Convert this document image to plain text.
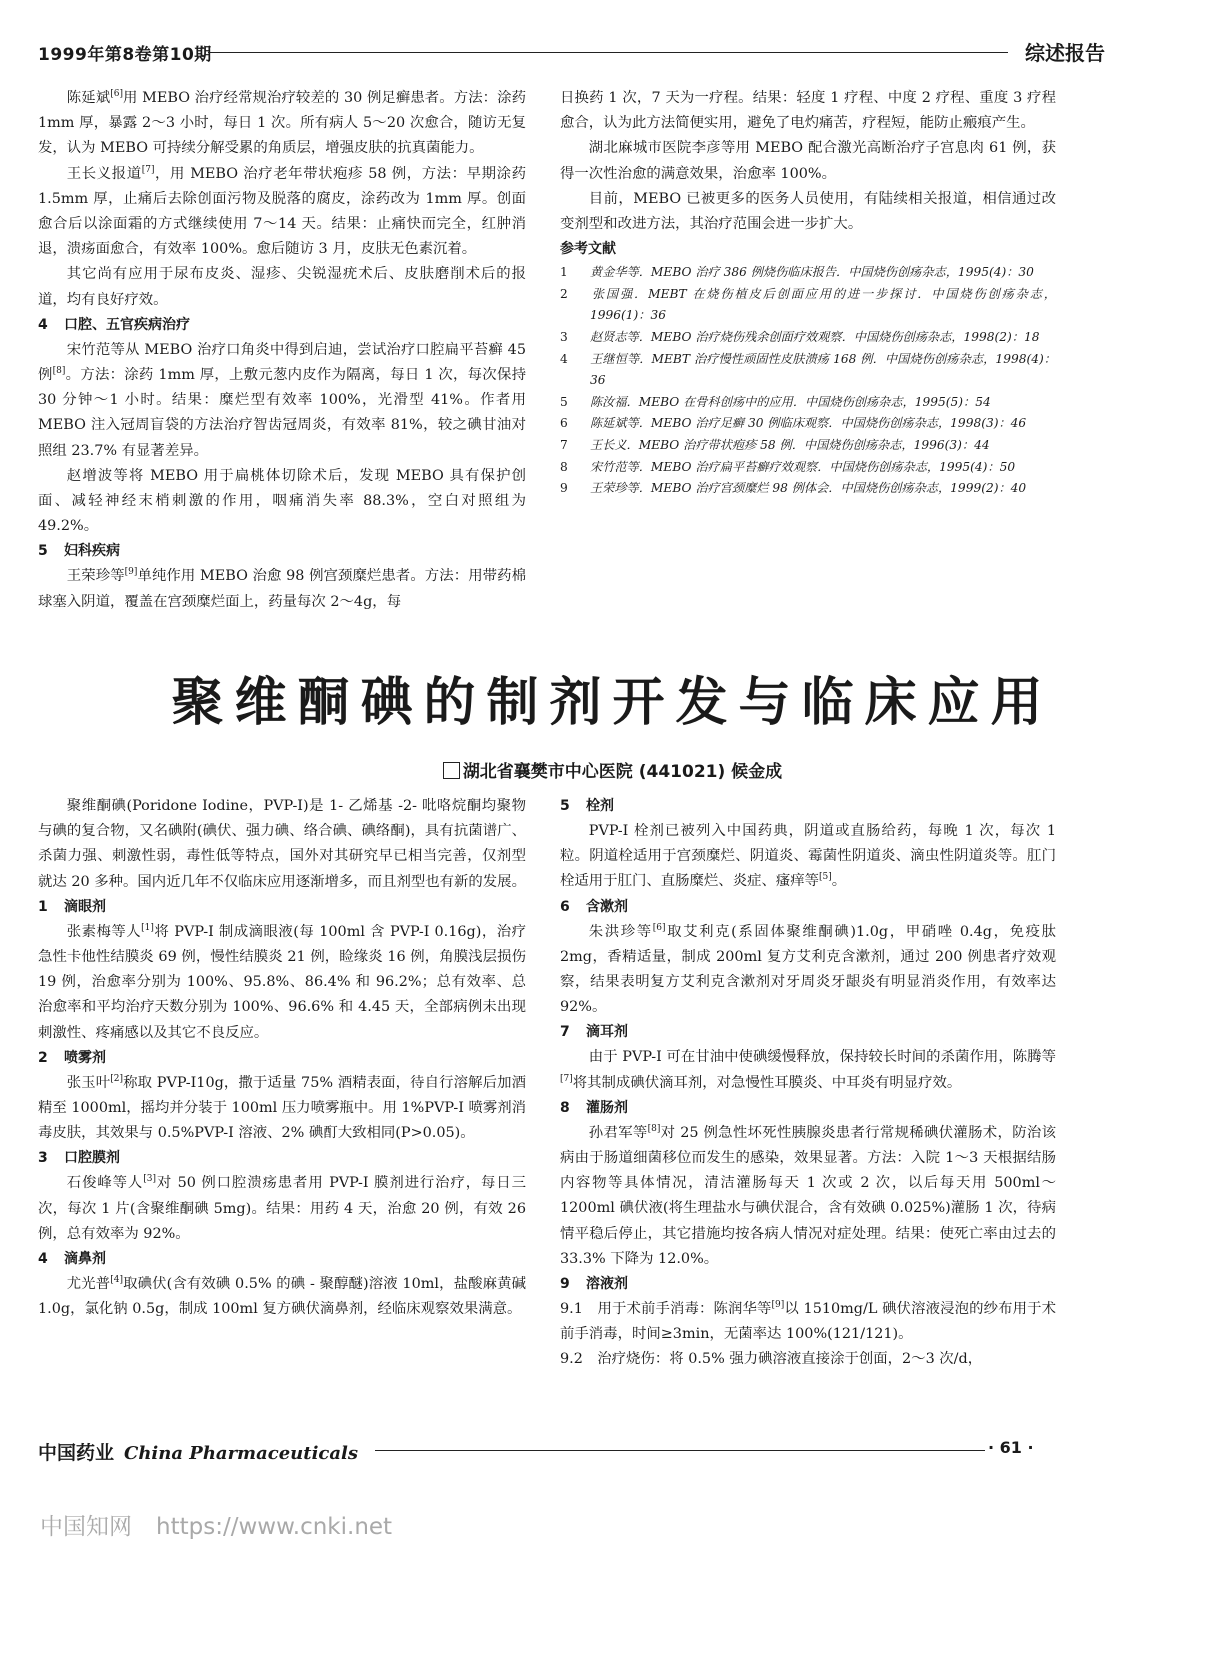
1999年第8卷第10期	综述报告

陈延斌[6]用 MEBO 治疗经常规治疗较差的 30 例足癣患者。方法：涂药 1mm 厚，暴露 2～3 小时，每日 1 次。所有病人 5～20 次愈合，随访无复发，认为 MEBO 可持续分解受累的角质层，增强皮肤的抗真菌能力。

王长义报道[7]，用 MEBO 治疗老年带状疱疹 58 例，方法：早期涂药 1.5mm 厚，止痛后去除创面污物及脱落的腐皮，涂药改为 1mm 厚。创面愈合后以涂面霜的方式继续使用 7～14 天。结果：止痛快而完全，红肿消退，溃疡面愈合，有效率 100%。愈后随访 3 月，皮肤无色素沉着。

其它尚有应用于尿布皮炎、湿疹、尖锐湿疣术后、皮肤磨削术后的报道，均有良好疗效。

4 口腔、五官疾病治疗

宋竹范等从 MEBO 治疗口角炎中得到启迪，尝试治疗口腔扁平苔癣 45 例[8]。方法：涂药 1mm 厚，上敷元葱内皮作为隔离，每日 1 次，每次保持 30 分钟～1 小时。结果：糜烂型有效率 100%，光滑型 41%。作者用 MEBO 注入冠周盲袋的方法治疗智齿冠周炎，有效率 81%，较之碘甘油对照组 23.7% 有显著差异。

赵增波等将 MEBO 用于扁桃体切除术后，发现 MEBO 具有保护创面、减轻神经末梢刺激的作用，咽痛消失率 88.3%，空白对照组为 49.2%。

5 妇科疾病

王荣珍等[9]单纯作用 MEBO 治愈 98 例宫颈糜烂患者。方法：用带药棉球塞入阴道，覆盖在宫颈糜烂面上，药量每次 2～4g，每

日换药 1 次，7 天为一疗程。结果：轻度 1 疗程、中度 2 疗程、重度 3 疗程愈合，认为此方法简便实用，避免了电灼痛苦，疗程短，能防止瘢痕产生。

湖北麻城市医院李彦等用 MEBO 配合激光高断治疗子宫息肉 61 例，获得一次性治愈的满意效果，治愈率 100%。

目前，MEBO 已被更多的医务人员使用，有陆续相关报道，相信通过改变剂型和改进方法，其治疗范围会进一步扩大。

参考文献

1 黄金华等．MEBO 治疗 386 例烧伤临床报告．中国烧伤创疡杂志，1995(4)：30
2 张国强．MEBT 在烧伤植皮后创面应用的进一步探讨．中国烧伤创疡杂志，1996(1)：36
3 赵贤志等．MEBO 治疗烧伤残余创面疗效观察．中国烧伤创疡杂志，1998(2)：18
4 王继恒等．MEBT 治疗慢性顽固性皮肤溃疡 168 例．中国烧伤创疡杂志，1998(4)：36
5 陈汝福．MEBO 在骨科创疡中的应用．中国烧伤创疡杂志，1995(5)：54
6 陈延斌等．MEBO 治疗足癣 30 例临床观察．中国烧伤创疡杂志，1998(3)：46
7 王长义．MEBO 治疗带状疱疹 58 例．中国烧伤创疡杂志，1996(3)：44
8 宋竹范等．MEBO 治疗扁平苔癣疗效观察．中国烧伤创疡杂志，1995(4)：50
9 王荣珍等．MEBO 治疗宫颈糜烂 98 例体会．中国烧伤创疡杂志，1999(2)：40
聚维酮碘的制剂开发与临床应用
湖北省襄樊市中心医院 (441021) 候金成

聚维酮碘(Poridone Iodine，PVP-I)是 1- 乙烯基 -2- 吡咯烷酮均聚物与碘的复合物，又名碘附(碘伏、强力碘、络合碘、碘络酮)，具有抗菌谱广、杀菌力强、刺激性弱，毒性低等特点，国外对其研究早已相当完善，仅剂型就达 20 多种。国内近几年不仅临床应用逐渐增多，而且剂型也有新的发展。

1 滴眼剂

张素梅等人[1]将 PVP-I 制成滴眼液(每 100ml 含 PVP-I 0.16g)，治疗急性卡他性结膜炎 69 例，慢性结膜炎 21 例，睑缘炎 16 例，角膜浅层损伤 19 例，治愈率分别为 100%、95.8%、86.4% 和 96.2%；总有效率、总治愈率和平均治疗天数分别为 100%、96.6% 和 4.45 天，全部病例未出现刺激性、疼痛感以及其它不良反应。

2 喷雾剂

张玉叶[2]称取 PVP-I10g，撒于适量 75% 酒精表面，待自行溶解后加酒精至 1000ml，摇均并分装于 100ml 压力喷雾瓶中。用 1%PVP-I 喷雾剂消毒皮肤，其效果与 0.5%PVP-I 溶液、2% 碘酊大致相同(P>0.05)。

3 口腔膜剂

石俊峰等人[3]对 50 例口腔溃疡患者用 PVP-I 膜剂进行治疗，每日三次，每次 1 片(含聚维酮碘 5mg)。结果：用药 4 天，治愈 20 例，有效 26 例，总有效率为 92%。

4 滴鼻剂

尤光普[4]取碘伏(含有效碘 0.5% 的碘 - 聚醇醚)溶液 10ml，盐酸麻黄碱 1.0g，氯化钠 0.5g，制成 100ml 复方碘伏滴鼻剂，经临床观察效果满意。

5 栓剂

PVP-I 栓剂已被列入中国药典，阴道或直肠给药，每晚 1 次，每次 1 粒。阴道栓适用于宫颈糜烂、阴道炎、霉菌性阴道炎、滴虫性阴道炎等。肛门栓适用于肛门、直肠糜烂、炎症、瘙痒等[5]。

6 含漱剂

朱洪珍等[6]取艾利克(系固体聚维酮碘)1.0g，甲硝唑 0.4g，免疫肽 2mg，香精适量，制成 200ml 复方艾利克含漱剂，通过 200 例患者疗效观察，结果表明复方艾利克含漱剂对牙周炎牙龈炎有明显消炎作用，有效率达 92%。

7 滴耳剂

由于 PVP-I 可在甘油中使碘缓慢释放，保持较长时间的杀菌作用，陈腾等[7]将其制成碘伏滴耳剂，对急慢性耳膜炎、中耳炎有明显疗效。

8 灌肠剂

孙君军等[8]对 25 例急性坏死性胰腺炎患者行常规稀碘伏灌肠术，防治该病由于肠道细菌移位而发生的感染，效果显著。方法：入院 1～3 天根据结肠内容物等具体情况，清洁灌肠每天 1 次或 2 次，以后每天用 500ml～1200ml 碘伏液(将生理盐水与碘伏混合，含有效碘 0.025%)灌肠 1 次，待病情平稳后停止，其它措施均按各病人情况对症处理。结果：使死亡率由过去的 33.3% 下降为 12.0%。

9 溶液剂

9.1　用于术前手消毒：陈润华等[9]以 1510mg/L 碘伏溶液浸泡的纱布用于术前手消毒，时间≥3min，无菌率达 100%(121/121)。

9.2　治疗烧伤：将 0.5% 强力碘溶液直接涂于创面，2～3 次/d，

中国药业 China Pharmaceuticals	· 61 ·
中国知网 https://www.cnki.net
